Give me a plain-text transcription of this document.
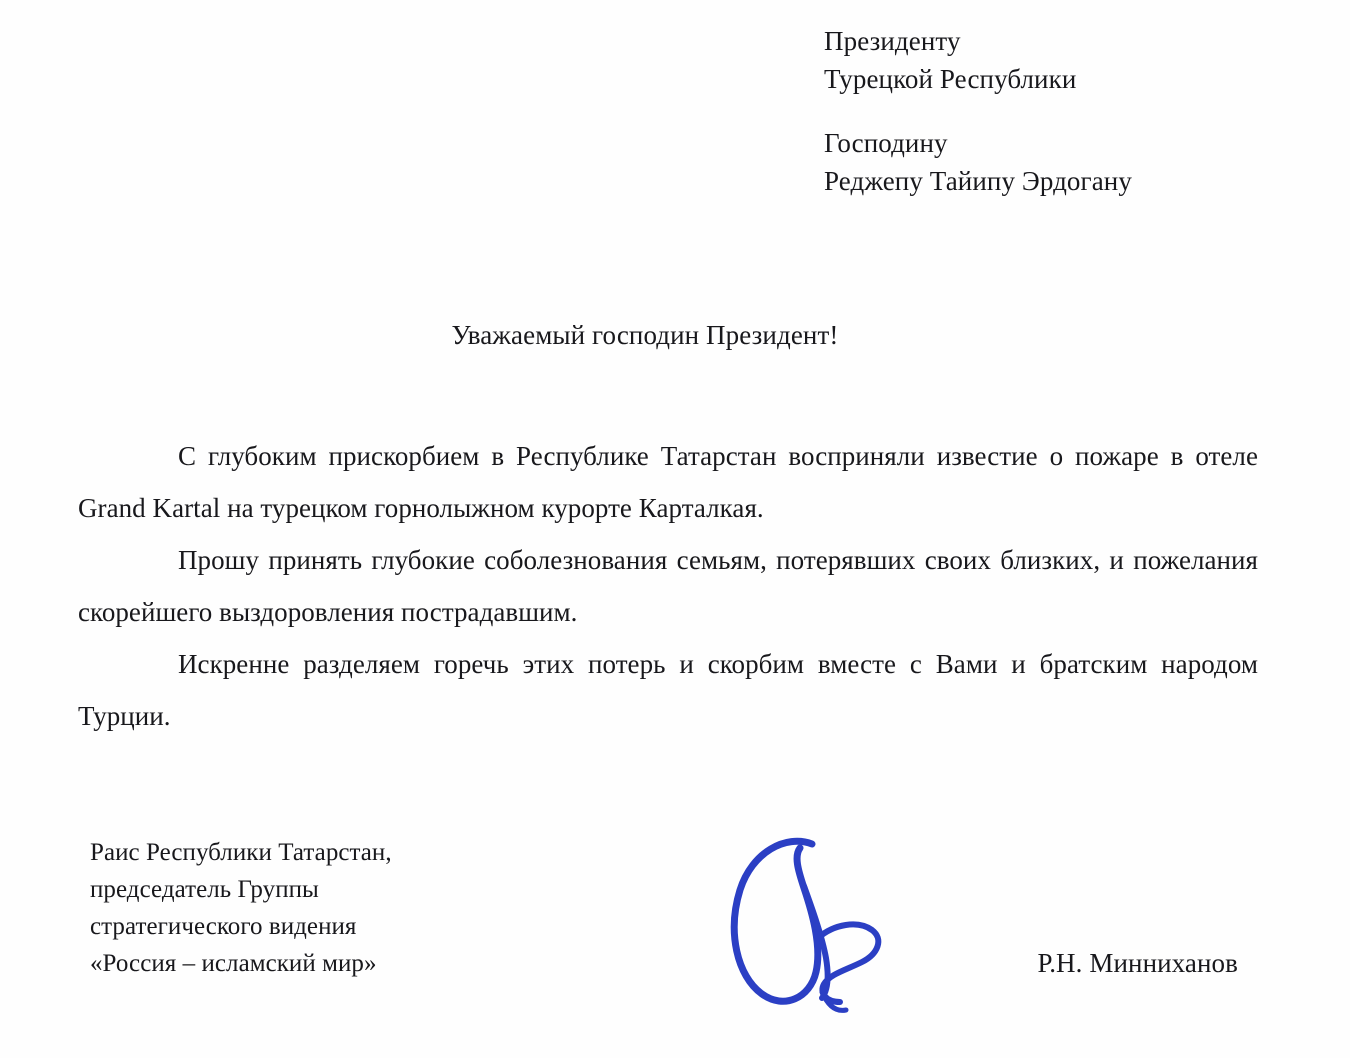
Президенту
Турецкой Республики
Господину
Реджепу Тайипу Эрдогану
Уважаемый господин Президент!

С глубоким прискорбием в Республике Татарстан восприняли известие о пожаре в отеле Grand Kartal на турецком горнолыжном курорте Карталкая.

Прошу принять глубокие соболезнования семьям, потерявших своих близких, и пожелания скорейшего выздоровления пострадавшим.

Искренне разделяем горечь этих потерь и скорбим вместе с Вами и братским народом Турции.

Раис Республики Татарстан,
председатель Группы
стратегического видения
«Россия – исламский мир»	Р.Н. Минниханов
